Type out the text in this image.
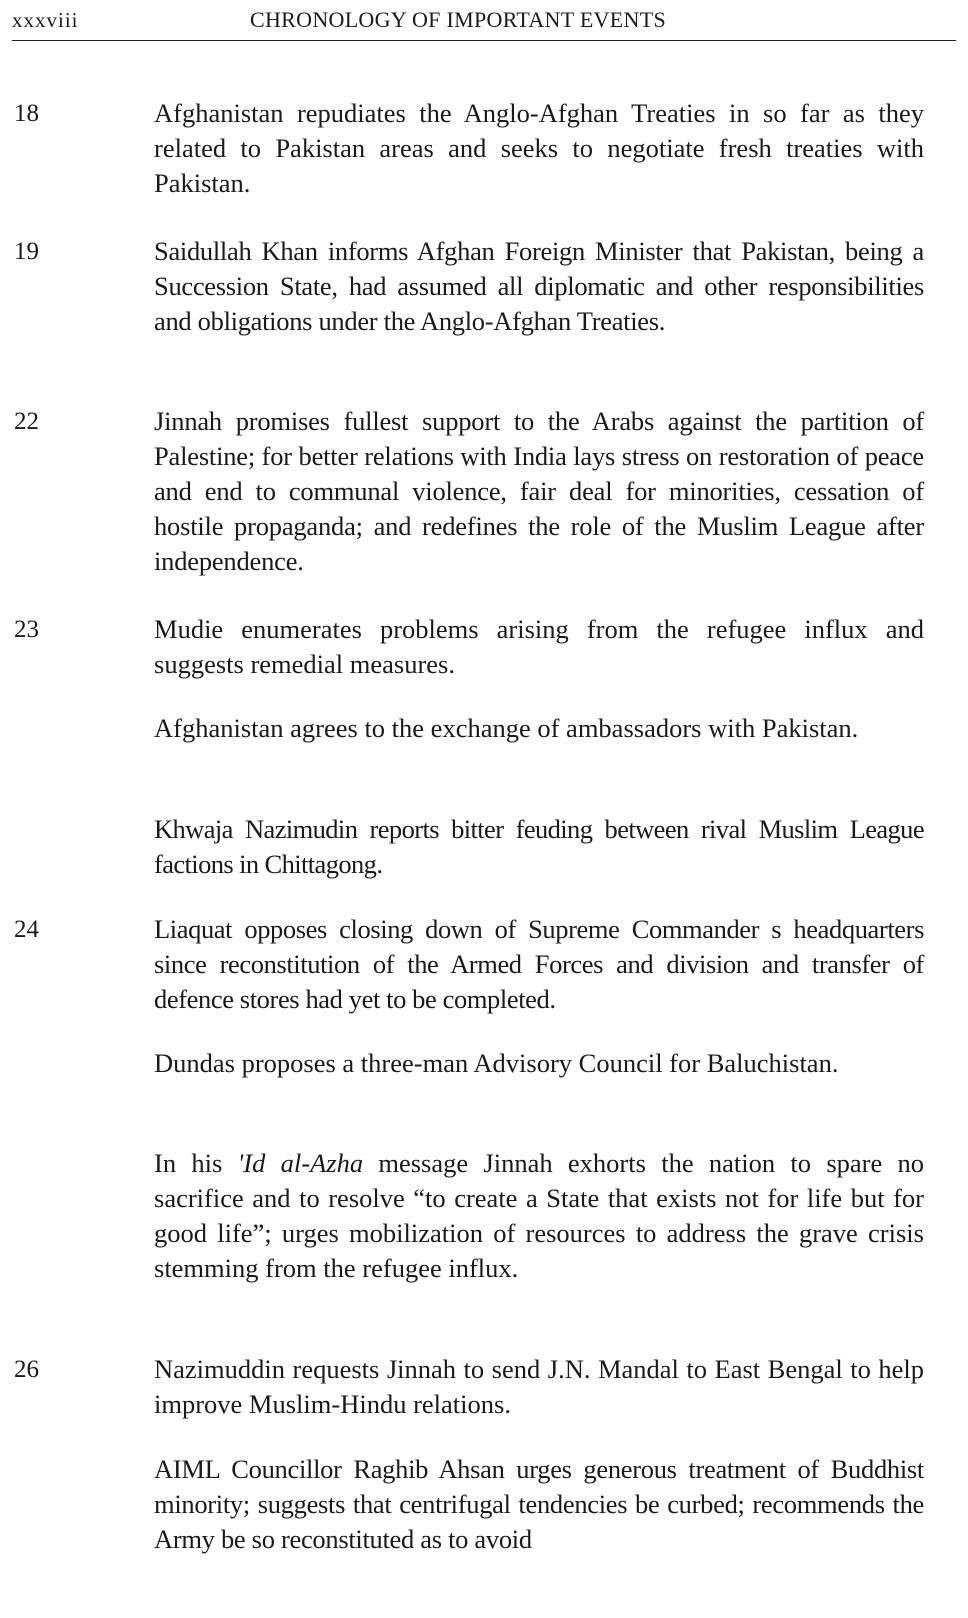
xxxviii	CHRONOLOGY OF IMPORTANT EVENTS
18	Afghanistan repudiates the Anglo-Afghan Treaties in so far as they related to Pakistan areas and seeks to negotiate fresh treaties with Pakistan.

19	Saidullah Khan informs Afghan Foreign Minister that Pakistan, being a Succession State, had assumed all diplomatic and other responsibilities and obligations under the Anglo-Afghan Treaties.

22	Jinnah promises fullest support to the Arabs against the partition of Palestine; for better relations with India lays stress on restoration of peace and end to communal violence, fair deal for minorities, cessation of hostile propaganda; and redefines the role of the Muslim League after independence.

23	Mudie enumerates problems arising from the refugee influx and suggests remedial measures.

Afghanistan agrees to the exchange of ambassadors with Pakistan.

Khwaja Nazimudin reports bitter feuding between rival Muslim League factions in Chittagong.

24	Liaquat opposes closing down of Supreme Commander s headquarters since reconstitution of the Armed Forces and division and transfer of defence stores had yet to be completed.

Dundas proposes a three-man Advisory Council for Baluchistan.

In his 'Id al-Azha message Jinnah exhorts the nation to spare no sacrifice and to resolve “to create a State that exists not for life but for good life”; urges mobilization of resources to address the grave crisis stemming from the refugee influx.

26	Nazimuddin requests Jinnah to send J.N. Mandal to East Bengal to help improve Muslim-Hindu relations.

AIML Councillor Raghib Ahsan urges generous treatment of Buddhist minority; suggests that centrifugal tendencies be curbed; recommends the Army be so reconstituted as to avoid
